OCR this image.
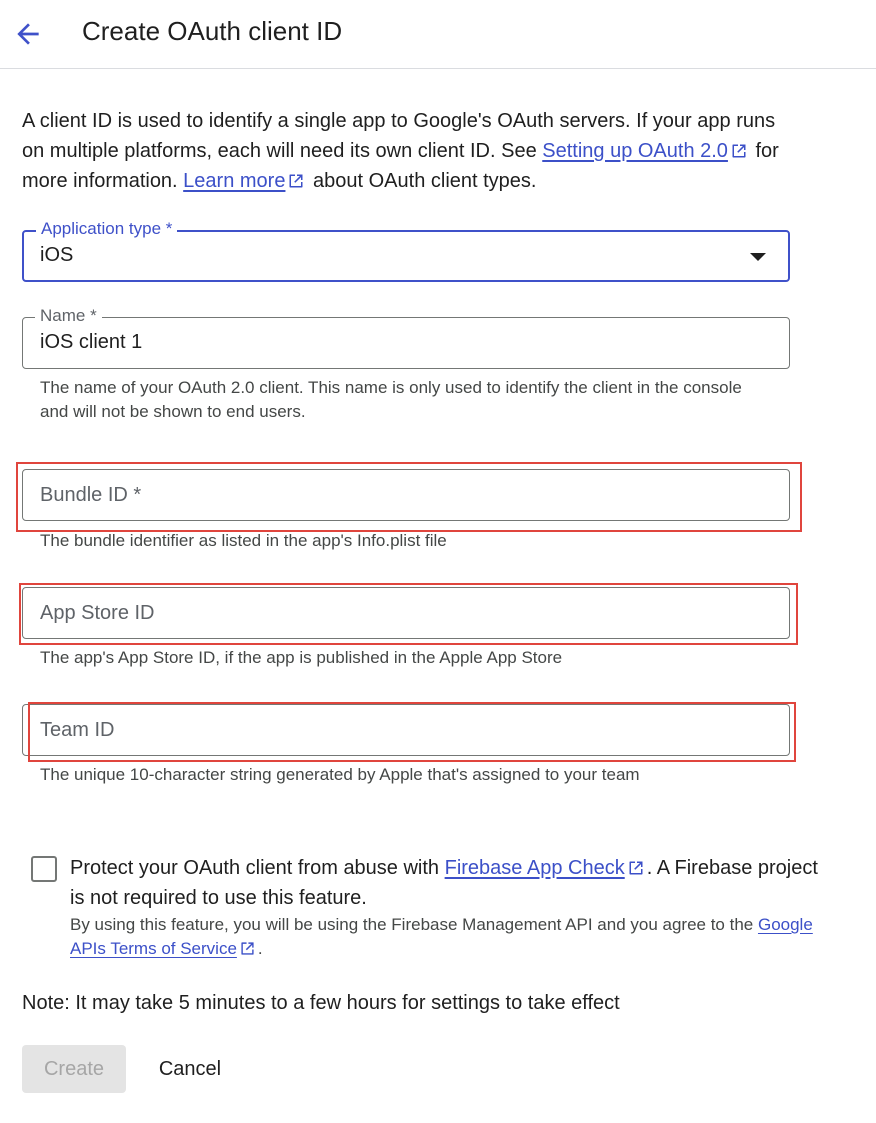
Create OAuth client ID
A client ID is used to identify a single app to Google's OAuth servers. If your app runs on multiple platforms, each will need its own client ID. See Setting up OAuth 2.0 for more information. Learn more about OAuth client types.
Application type *
iOS
Name *
iOS client 1
The name of your OAuth 2.0 client. This name is only used to identify the client in the console and will not be shown to end users.
Bundle ID *
The bundle identifier as listed in the app's Info.plist file
App Store ID
The app's App Store ID, if the app is published in the Apple App Store
Team ID
The unique 10-character string generated by Apple that's assigned to your team
Protect your OAuth client from abuse with Firebase App Check . A Firebase project is not required to use this feature.
By using this feature, you will be using the Firebase Management API and you agree to the Google APIs Terms of Service .
Note: It may take 5 minutes to a few hours for settings to take effect
Create	Cancel
